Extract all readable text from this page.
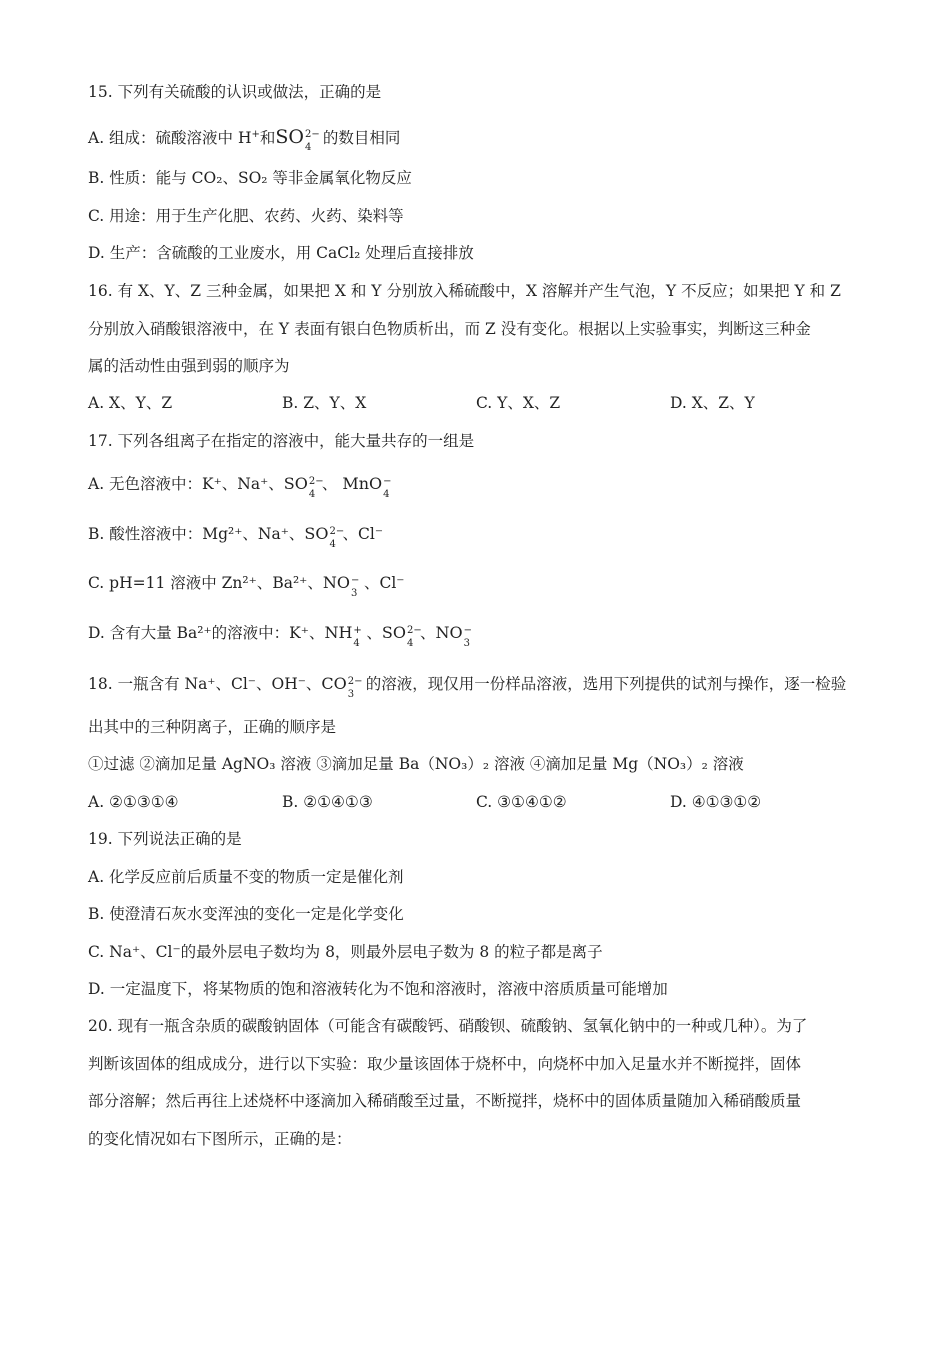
15. 下列有关硫酸的认识或做法，正确的是
A. 组成：硫酸溶液中 H+和SO 2−
4
的数目相同
B. 性质：能与 CO₂、SO₂ 等非金属氧化物反应
C. 用途：用于生产化肥、农药、火药、染料等
D. 生产：含硫酸的工业废水，用 CaCl₂ 处理后直接排放
16. 有 X、Y、Z 三种金属，如果把 X 和 Y 分别放入稀硫酸中，X 溶解并产生气泡，Y 不反应；如果把 Y 和 Z
分别放入硝酸银溶液中，在 Y 表面有银白色物质析出，而 Z 没有变化。根据以上实验事实，判断这三种金
属的活动性由强到弱的顺序为
A. X、Y、Z	B. Z、Y、X	C. Y、X、Z	D. X、Z、Y
17. 下列各组离子在指定的溶液中，能大量共存的一组是
A. 无色溶液中：K⁺、Na⁺、SO 2−
4
、 MnO −
4
B. 酸性溶液中：Mg²⁺、Na⁺、SO 2−
4
、Cl⁻
C. pH=11 溶液中 Zn²⁺、Ba²⁺、NO −
3
、Cl⁻
D. 含有大量 Ba²⁺的溶液中：K⁺、NH +
4
、SO 2−
4
、NO −
3
18. 一瓶含有 Na⁺、Cl⁻、OH⁻、CO 2−
3
的溶液，现仅用一份样品溶液，选用下列提供的试剂与操作，逐一检验
出其中的三种阴离子，正确的顺序是
①过滤 ②滴加足量 AgNO₃ 溶液 ③滴加足量 Ba（NO₃）₂ 溶液 ④滴加足量 Mg（NO₃）₂ 溶液
A. ②①③①④	B. ②①④①③	C. ③①④①②	D. ④①③①②
19. 下列说法正确的是
A. 化学反应前后质量不变的物质一定是催化剂
B. 使澄清石灰水变浑浊的变化一定是化学变化
C. Na⁺、Cl⁻的最外层电子数均为 8，则最外层电子数为 8 的粒子都是离子
D. 一定温度下，将某物质的饱和溶液转化为不饱和溶液时，溶液中溶质质量可能增加
20. 现有一瓶含杂质的碳酸钠固体（可能含有碳酸钙、硝酸钡、硫酸钠、氢氧化钠中的一种或几种）。为了
判断该固体的组成成分，进行以下实验：取少量该固体于烧杯中，向烧杯中加入足量水并不断搅拌，固体
部分溶解；然后再往上述烧杯中逐滴加入稀硝酸至过量，不断搅拌，烧杯中的固体质量随加入稀硝酸质量
的变化情况如右下图所示，正确的是：
